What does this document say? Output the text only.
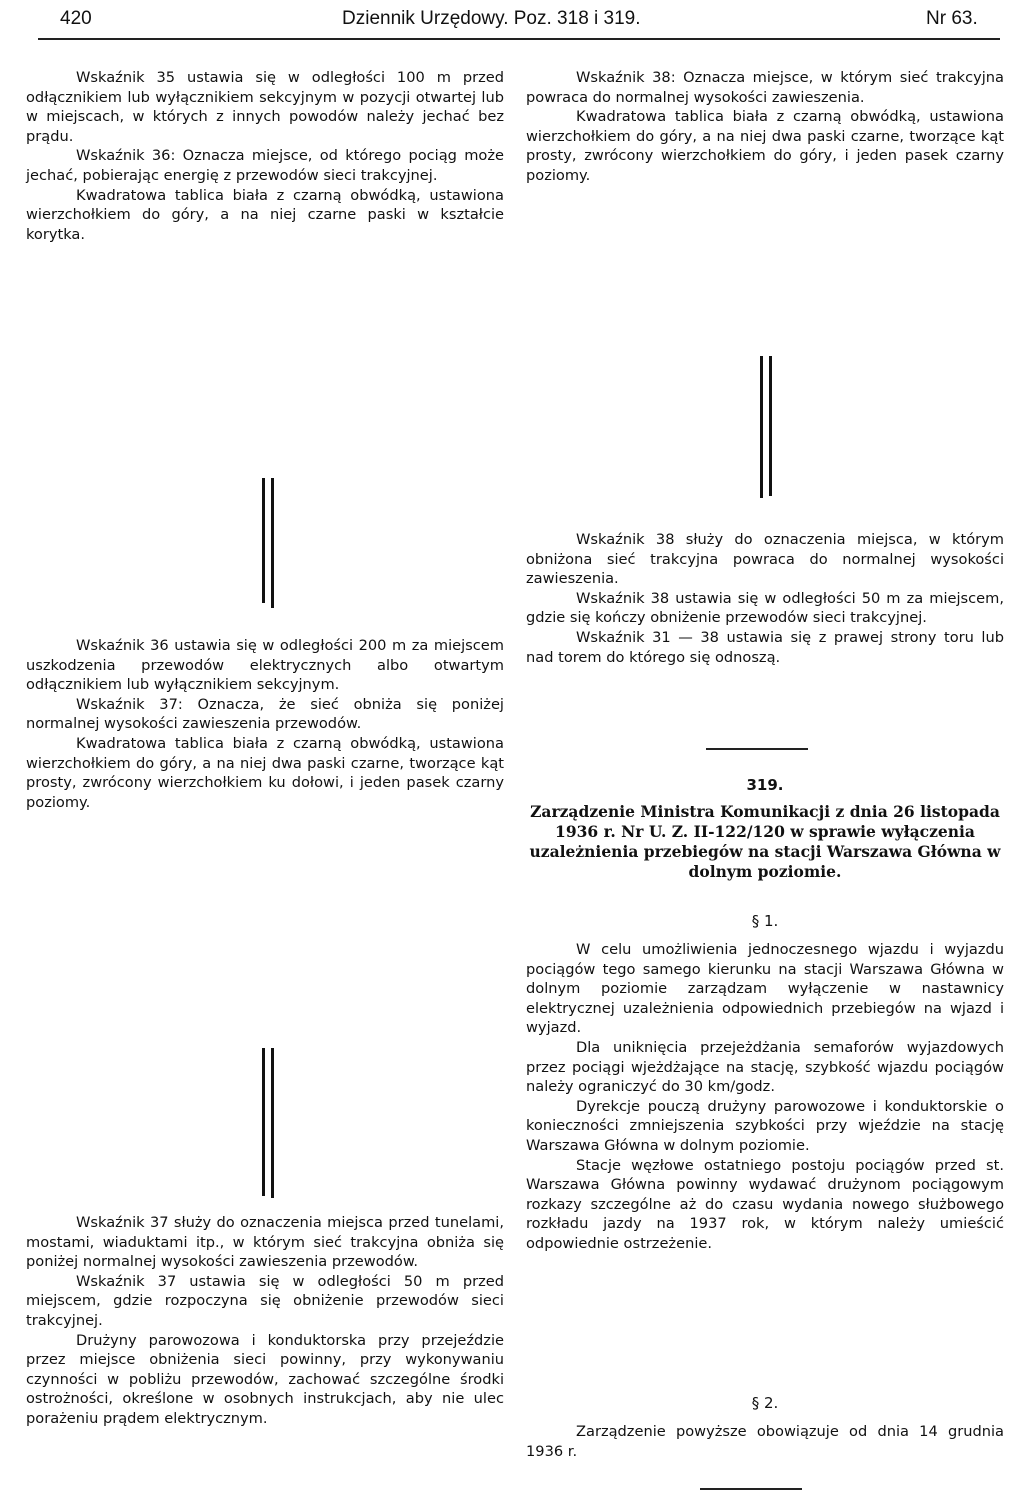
420	Dziennik Urzędowy. Poz. 318 i 319.	Nr 63.

Wskaźnik 35 ustawia się w odległości 100 m przed odłącznikiem lub wyłącznikiem sekcyjnym w pozycji otwartej lub w miejscach, w których z innych powodów należy jechać bez prądu.

Wskaźnik 36: Oznacza miejsce, od którego pociąg może jechać, pobierając energię z przewodów sieci trakcyjnej.

Kwadratowa tablica biała z czarną obwódką, ustawiona wierzchołkiem do góry, a na niej czarne paski w kształcie korytka.

Wskaźnik 36 ustawia się w odległości 200 m za miejscem uszkodzenia przewodów elektrycznych albo otwartym odłącznikiem lub wyłącznikiem sekcyjnym.

Wskaźnik 37: Oznacza, że sieć obniża się poniżej normalnej wysokości zawieszenia przewodów.

Kwadratowa tablica biała z czarną obwódką, ustawiona wierzchołkiem do góry, a na niej dwa paski czarne, tworzące kąt prosty, zwrócony wierzchołkiem ku dołowi, i jeden pasek czarny poziomy.

Wskaźnik 37 służy do oznaczenia miejsca przed tunelami, mostami, wiaduktami itp., w którym sieć trakcyjna obniża się poniżej normalnej wysokości zawieszenia przewodów.

Wskaźnik 37 ustawia się w odległości 50 m przed miejscem, gdzie rozpoczyna się obniżenie przewodów sieci trakcyjnej.

Drużyny parowozowa i konduktorska przy przejeździe przez miejsce obniżenia sieci powinny, przy wykonywaniu czynności w pobliżu przewodów, zachować szczególne środki ostrożności, określone w osobnych instrukcjach, aby nie ulec porażeniu prądem elektrycznym.

Wskaźnik 38: Oznacza miejsce, w którym sieć trakcyjna powraca do normalnej wysokości zawieszenia.

Kwadratowa tablica biała z czarną obwódką, ustawiona wierzchołkiem do góry, a na niej dwa paski czarne, tworzące kąt prosty, zwrócony wierzchołkiem do góry, i jeden pasek czarny poziomy.

Wskaźnik 38 służy do oznaczenia miejsca, w którym obniżona sieć trakcyjna powraca do normalnej wysokości zawieszenia.

Wskaźnik 38 ustawia się w odległości 50 m za miejscem, gdzie się kończy obniżenie przewodów sieci trakcyjnej.

Wskaźnik 31 — 38 ustawia się z prawej strony toru lub nad torem do którego się odnoszą.

319.
Zarządzenie Ministra Komunikacji z dnia 26 listopada 1936 r. Nr U. Z. II-122/120 w sprawie wyłączenia uzależnienia przebiegów na stacji Warszawa Główna w dolnym poziomie.
§ 1.

W celu umożliwienia jednoczesnego wjazdu i wyjazdu pociągów tego samego kierunku na stacji Warszawa Główna w dolnym poziomie zarządzam wyłączenie w nastawnicy elektrycznej uzależnienia odpowiednich przebiegów na wjazd i wyjazd.

Dla uniknięcia przejeżdżania semaforów wyjazdowych przez pociągi wjeżdżające na stację, szybkość wjazdu pociągów należy ograniczyć do 30 km/godz.

Dyrekcje pouczą drużyny parowozowe i konduktorskie o konieczności zmniejszenia szybkości przy wjeździe na stację Warszawa Główna w dolnym poziomie.

Stacje węzłowe ostatniego postoju pociągów przed st. Warszawa Główna powinny wydawać drużynom pociągowym rozkazy szczególne aż do czasu wydania nowego służbowego rozkładu jazdy na 1937 rok, w którym należy umieścić odpowiednie ostrzeżenie.

§ 2.

Zarządzenie powyższe obowiązuje od dnia 14 grudnia 1936 r.
